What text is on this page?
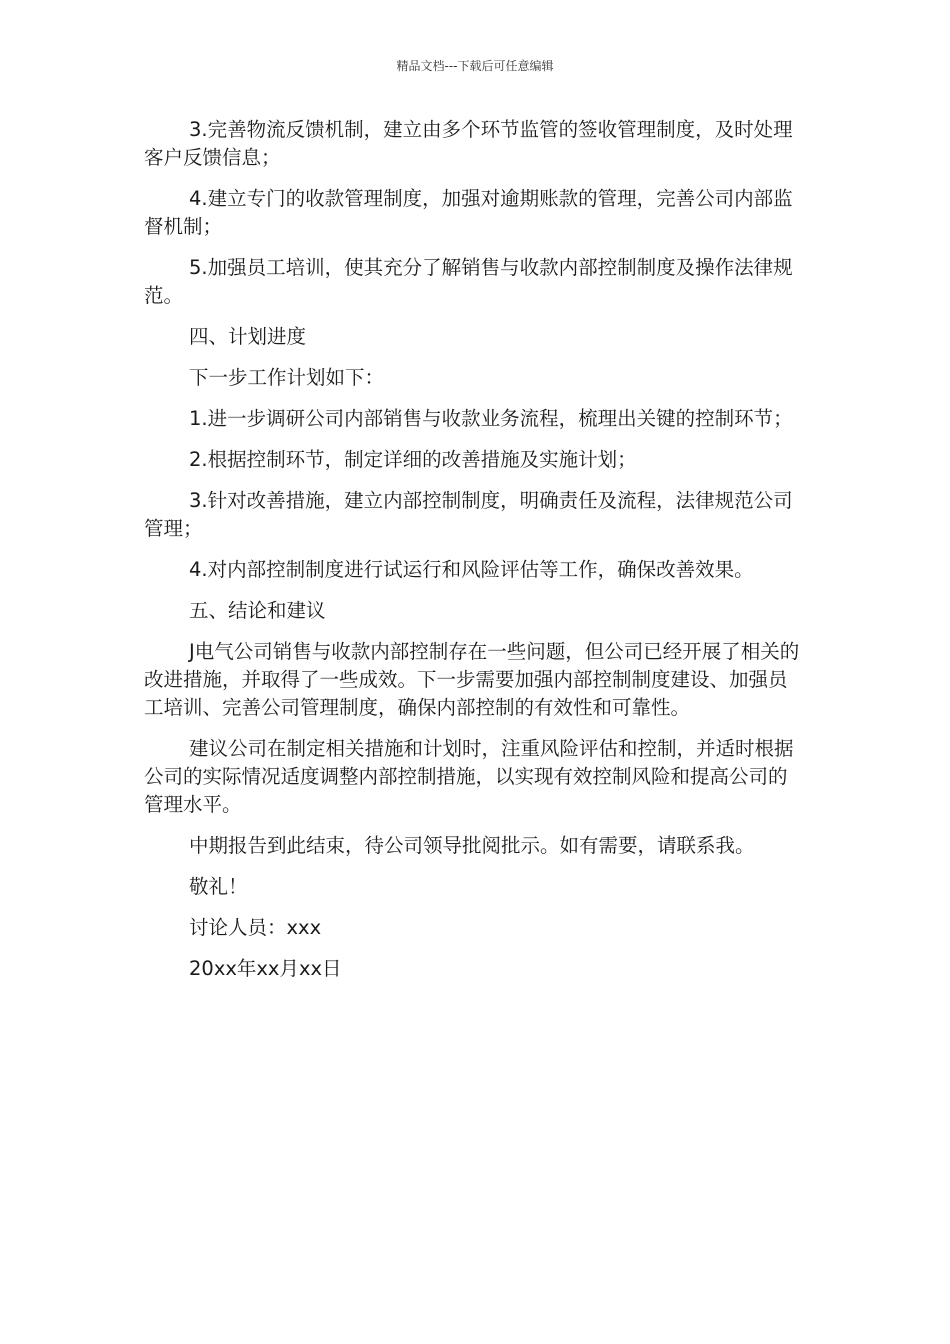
精品文档---下载后可任意编辑

3.完善物流反馈机制，建立由多个环节监管的签收管理制度，及时处理客户反馈信息；

4.建立专门的收款管理制度，加强对逾期账款的管理，完善公司内部监督机制；

5.加强员工培训，使其充分了解销售与收款内部控制制度及操作法律规范。

四、计划进度

下一步工作计划如下：

1.进一步调研公司内部销售与收款业务流程，梳理出关键的控制环节；

2.根据控制环节，制定详细的改善措施及实施计划；

3.针对改善措施，建立内部控制制度，明确责任及流程，法律规范公司管理；

4.对内部控制制度进行试运行和风险评估等工作，确保改善效果。

五、结论和建议

J电气公司销售与收款内部控制存在一些问题，但公司已经开展了相关的改进措施，并取得了一些成效。下一步需要加强内部控制制度建设、加强员工培训、完善公司管理制度，确保内部控制的有效性和可靠性。

建议公司在制定相关措施和计划时，注重风险评估和控制，并适时根据公司的实际情况适度调整内部控制措施，以实现有效控制风险和提高公司的管理水平。

中期报告到此结束，待公司领导批阅批示。如有需要，请联系我。

敬礼！

讨论人员：xxx

20xx年xx月xx日
